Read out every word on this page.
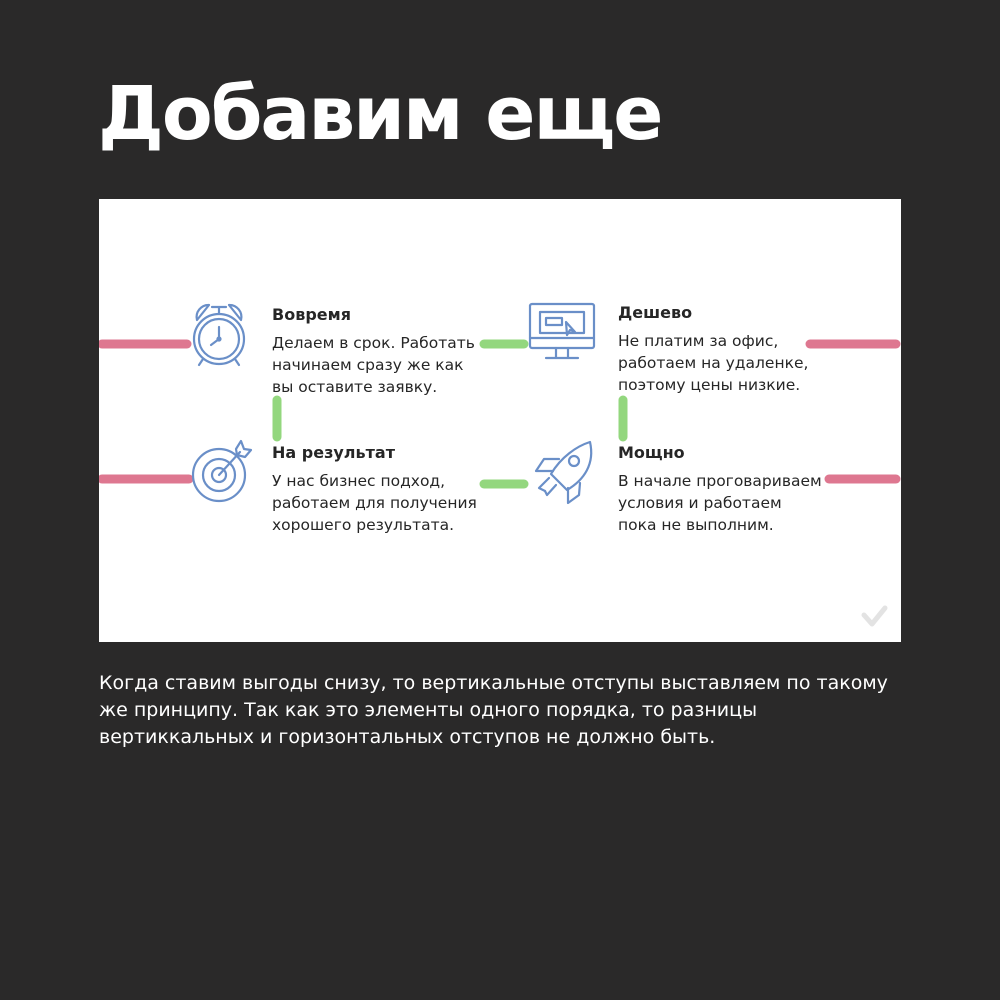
Добавим еще
Вовремя

Делаем в срок. Работать
начинаем сразу же как
вы оставите заявку.

Дешево

Не платим за офис,
работаем на удаленке,
поэтому цены низкие.

На результат

У нас бизнес подход,
работаем для получения
хорошего результата.

Мощно

В начале проговариваем
условия и работаем
пока не выполним.

Когда ставим выгоды снизу, то вертикальные отступы выставляем по такому же принципу. Так как это элементы одного порядка, то разницы вертиккальных и горизонтальных отступов не должно быть.
